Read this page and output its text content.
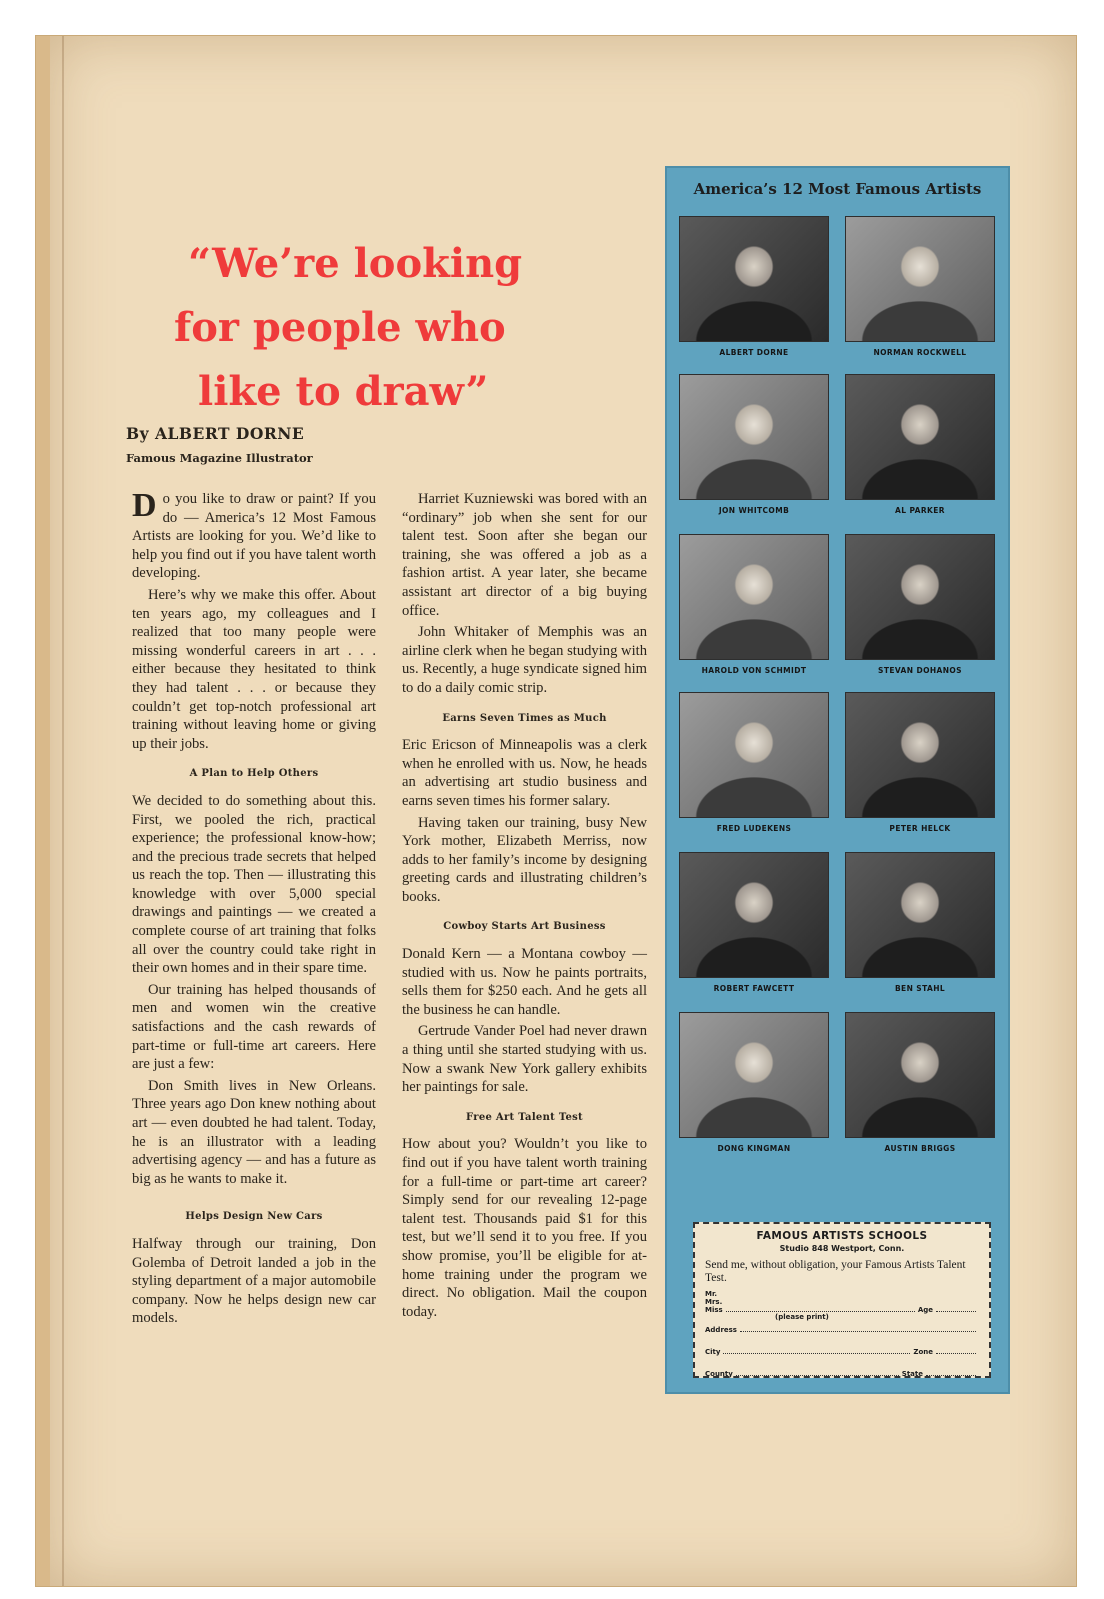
“We’re looking
for people who
like to draw”
By ALBERT DORNE
Famous Magazine Illustrator

Do you like to draw or paint? If you do — America’s 12 Most Famous Artists are looking for you. We’d like to help you find out if you have talent worth developing.

Here’s why we make this offer. About ten years ago, my colleagues and I realized that too many people were missing wonderful careers in art . . . either because they hesitated to think they had talent . . . or because they couldn’t get top-notch professional art training without leaving home or giving up their jobs.

A Plan to Help Others

We decided to do something about this. First, we pooled the rich, practical experience; the professional know-how; and the precious trade secrets that helped us reach the top. Then — illustrating this knowledge with over 5,000 special drawings and paintings — we created a complete course of art training that folks all over the country could take right in their own homes and in their spare time.

Our training has helped thousands of men and women win the creative satisfactions and the cash rewards of part-time or full-time art careers. Here are just a few:

Don Smith lives in New Orleans. Three years ago Don knew nothing about art — even doubted he had talent. Today, he is an illustrator with a leading advertising agency — and has a future as big as he wants to make it.

Helps Design New Cars

Halfway through our training, Don Golemba of Detroit landed a job in the styling department of a major automobile company. Now he helps design new car models.

Harriet Kuzniewski was bored with an “ordinary” job when she sent for our talent test. Soon after she began our training, she was offered a job as a fashion artist. A year later, she became assistant art director of a big buying office.

John Whitaker of Memphis was an airline clerk when he began studying with us. Recently, a huge syndicate signed him to do a daily comic strip.

Earns Seven Times as Much

Eric Ericson of Minneapolis was a clerk when he enrolled with us. Now, he heads an advertising art studio business and earns seven times his former salary.

Having taken our training, busy New York mother, Elizabeth Merriss, now adds to her family’s income by designing greeting cards and illustrating children’s books.

Cowboy Starts Art Business

Donald Kern — a Montana cowboy — studied with us. Now he paints portraits, sells them for $250 each. And he gets all the business he can handle.

Gertrude Vander Poel had never drawn a thing until she started studying with us. Now a swank New York gallery exhibits her paintings for sale.

Free Art Talent Test

How about you? Wouldn’t you like to find out if you have talent worth training for a full-time or part-time art career? Simply send for our revealing 12-page talent test. Thousands paid $1 for this test, but we’ll send it to you free. If you show promise, you’ll be eligible for at-home training under the program we direct. No obligation. Mail the coupon today.

America’s 12 Most Famous Artists
ALBERT DORNE	NORMAN ROCKWELL
JON WHITCOMB	AL PARKER
HAROLD VON SCHMIDT	STEVAN DOHANOS
FRED LUDEKENS	PETER HELCK
ROBERT FAWCETT	BEN STAHL
DONG KINGMAN	AUSTIN BRIGGS
FAMOUS ARTISTS SCHOOLS
Studio 848 Westport, Conn.
Send me, without obligation, your Famous Artists Talent Test.
Mr.
Mrs.
Miss	Age
(please print)
Address
City	Zone
County	State
